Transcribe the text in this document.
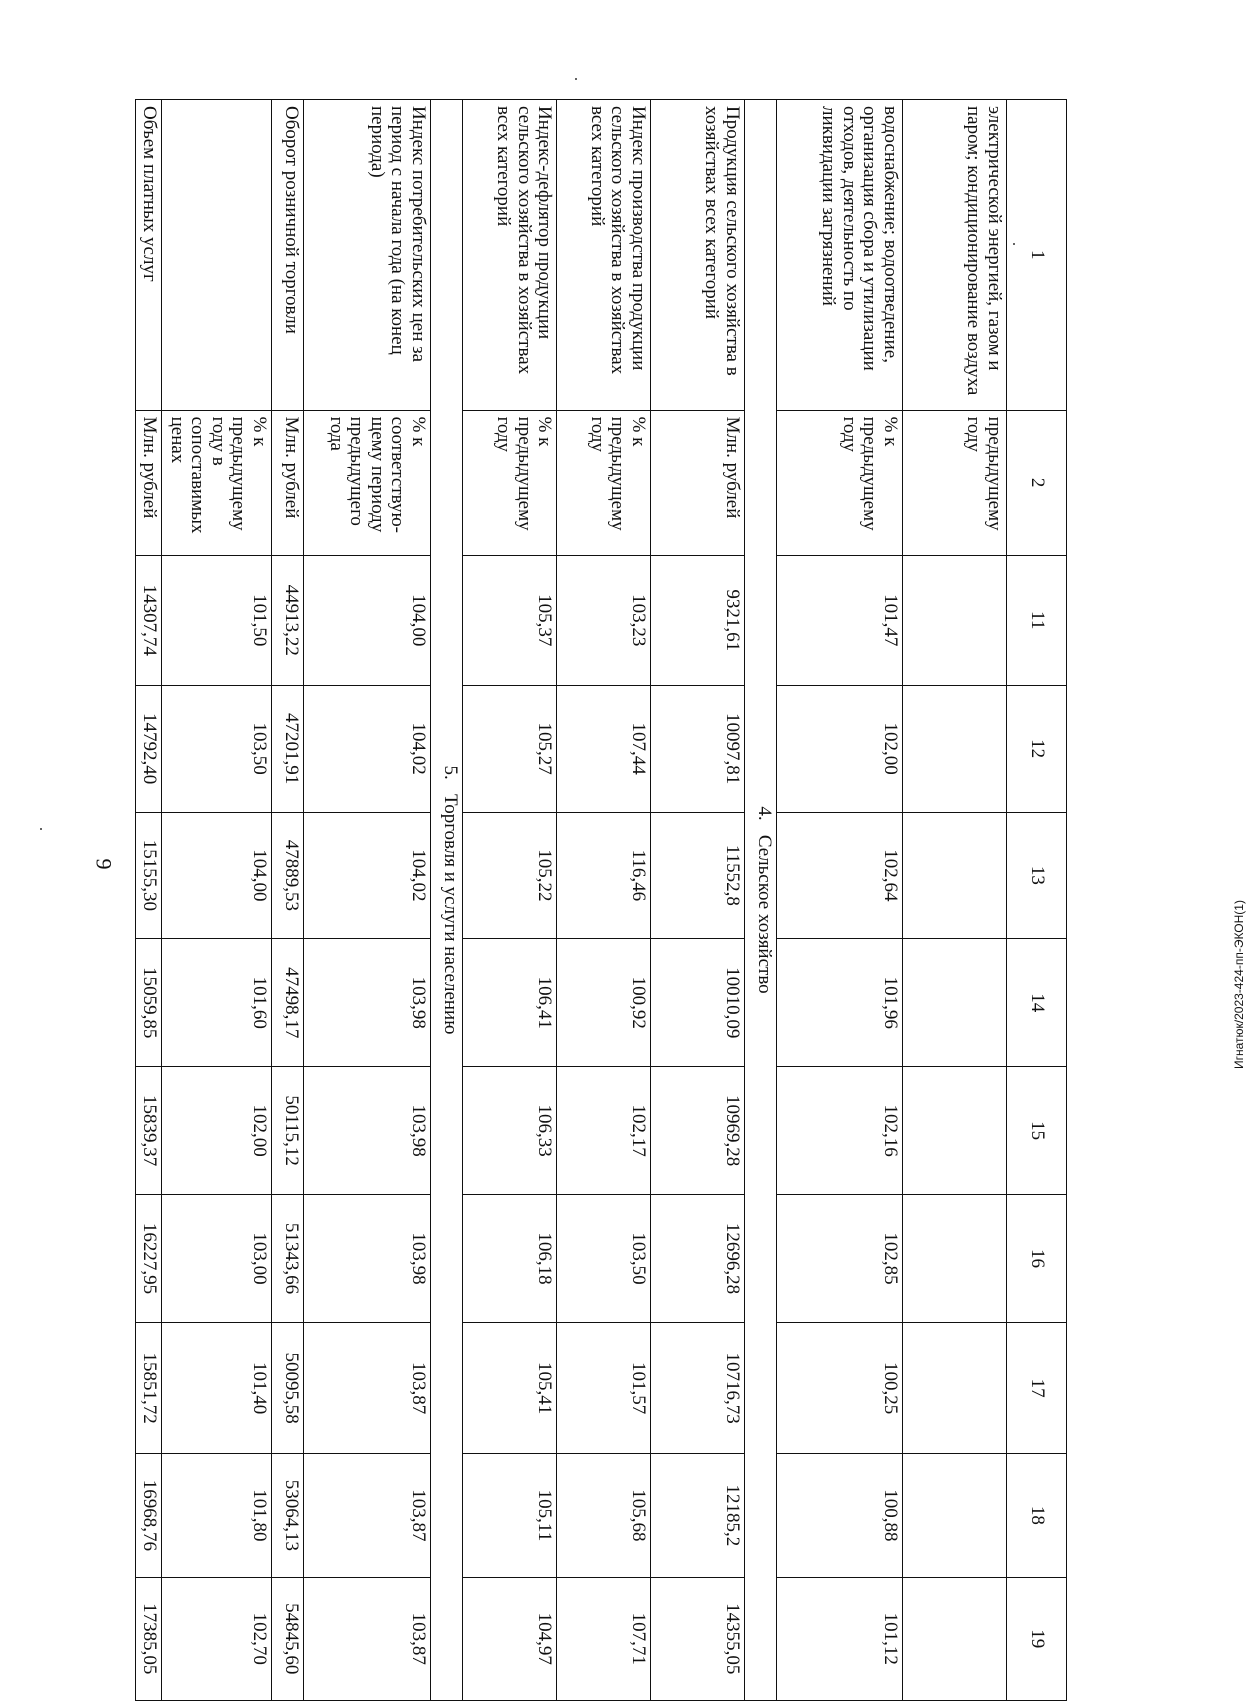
9
Игнатюк/2023-424-пп-ЭКОН(1)
1	2	11	12	13	14	15	16	17	18	19
электрической энергией, газом и паром; кондиционирование воздуха	предыдущему году									
водоснабжение; водоотведение, организация сбора и утилизации отходов, деятельность по ликвидации загрязнений	% к предыдущему году	101,47	102,00	102,64	101,96	102,16	102,85	100,25	100,88	101,12
4.   Сельское хозяйство										
Продукция сельского хозяйства в хозяйствах всех категорий	Млн. рублей	9321,61	10097,81	11552,8	10010,09	10969,28	12696,28	10716,73	12185,2	14355,05
Индекс производства продукции сельского хозяйства в хозяйствах всех категорий	% к предыдущему году	103,23	107,44	116,46	100,92	102,17	103,50	101,57	105,68	107,71
Индекс-дефлятор продукции сельского хозяйства в хозяйствах всех категорий	% к предыдущему году	105,37	105,27	105,22	106,41	106,33	106,18	105,41	105,11	104,97
5.   Торговля и услуги населению										
Индекс потребительских цен за период с начала года (на конец периода)	% к соответствую-щему периоду предыдущего года	104,00	104,02	104,02	103,98	103,98	103,98	103,87	103,87	103,87
Оборот розничной торговли	Млн. рублей	44913,22	47201,91	47889,53	47498,17	50115,12	51343,66	50095,58	53064,13	54845,60
	% к предыдущему году в сопоставимых ценах	101,50	103,50	104,00	101,60	102,00	103,00	101,40	101,80	102,70
Объем платных услуг	Млн. рублей	14307,74	14792,40	15155,30	15059,85	15839,37	16227,95	15851,72	16968,76	17385,05
